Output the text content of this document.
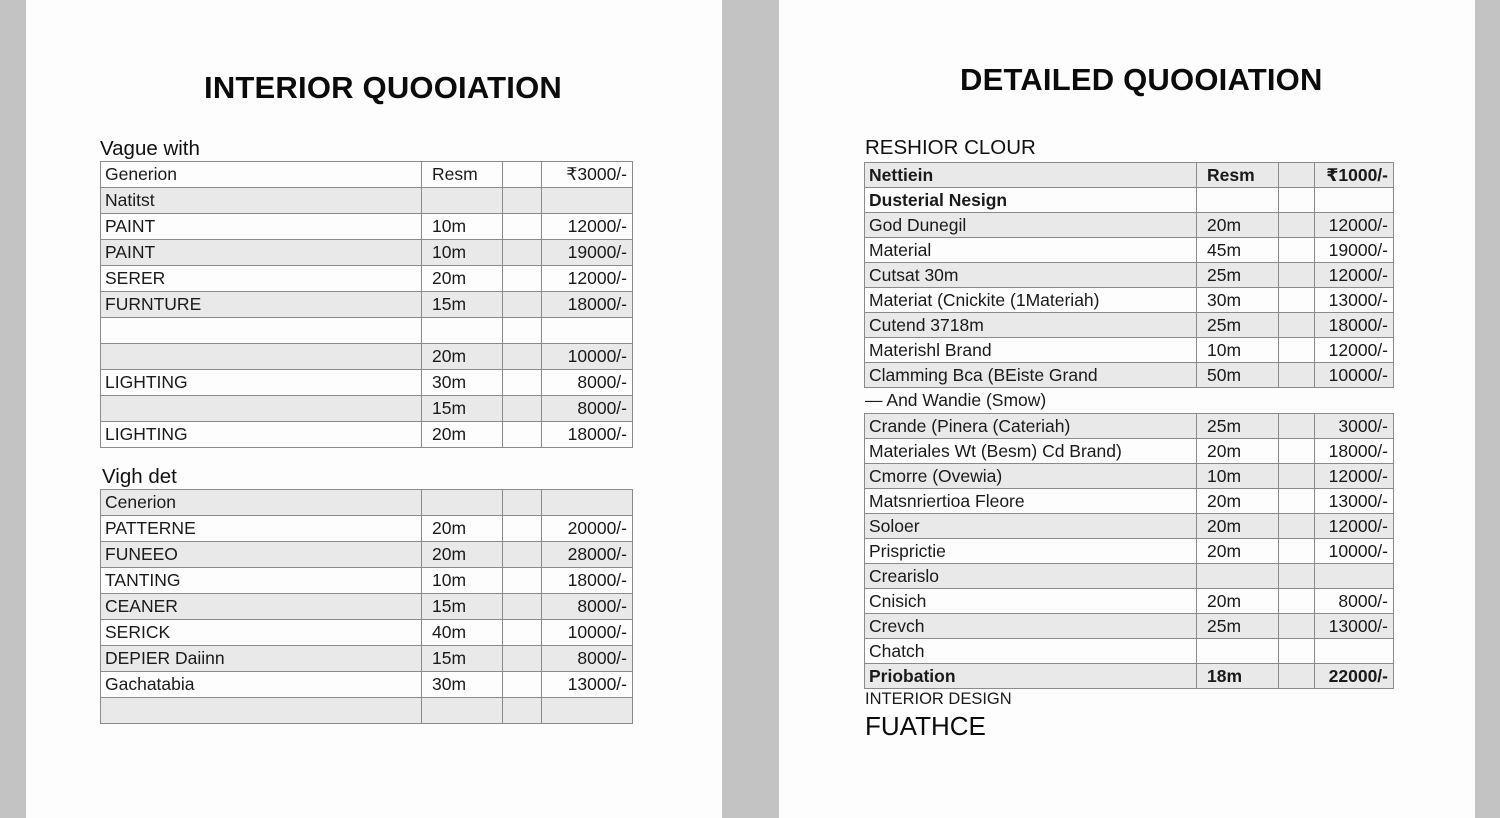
INTERIOR QUOOIATION
Vague with
Generion	Resm		₹3000/-
Natitst			
PAINT	10m		12000/-
PAINT	10m		19000/-
SERER	20m		12000/-
FURNTURE	15m		18000/-

	20m		10000/-
LIGHTING	30m		8000/-
	15m		8000/-
LIGHTING	20m		18000/-
Vigh det
Cenerion			
PATTERNE	20m		20000/-
FUNEEO	20m		28000/-
TANTING	10m		18000/-
CEANER	15m		8000/-
SERICK	40m		10000/-
DEPIER Daiinn	15m		8000/-
Gachatabia	30m		13000/-

DETAILED QUOOIATION
RESHIOR CLOUR
Nettiein	Resm		₹1000/-
Dusterial Nesign			
God Dunegil	20m		12000/-
Material	45m		19000/-
Cutsat 30m	25m		12000/-
Materiat (Cnickite (1Materiah)	30m		13000/-
Cutend 3718m	25m		18000/-
Materishl Brand	10m		12000/-
Clamming Bca (BEiste Grand	50m		10000/-
— And Wandie (Smow)
Crande (Pinera (Cateriah)	25m		3000/-
Materiales Wt (Besm) Cd Brand)	20m		18000/-
Cmorre (Ovewia)	10m		12000/-
Matsnriertioa Fleore	20m		13000/-
Soloer	20m		12000/-
Prisprictie	20m		10000/-
Crearislo			
Cnisich	20m		8000/-
Crevch	25m		13000/-
Chatch			
Priobation	18m		22000/-
INTERIOR DESIGN
FUATHCE
